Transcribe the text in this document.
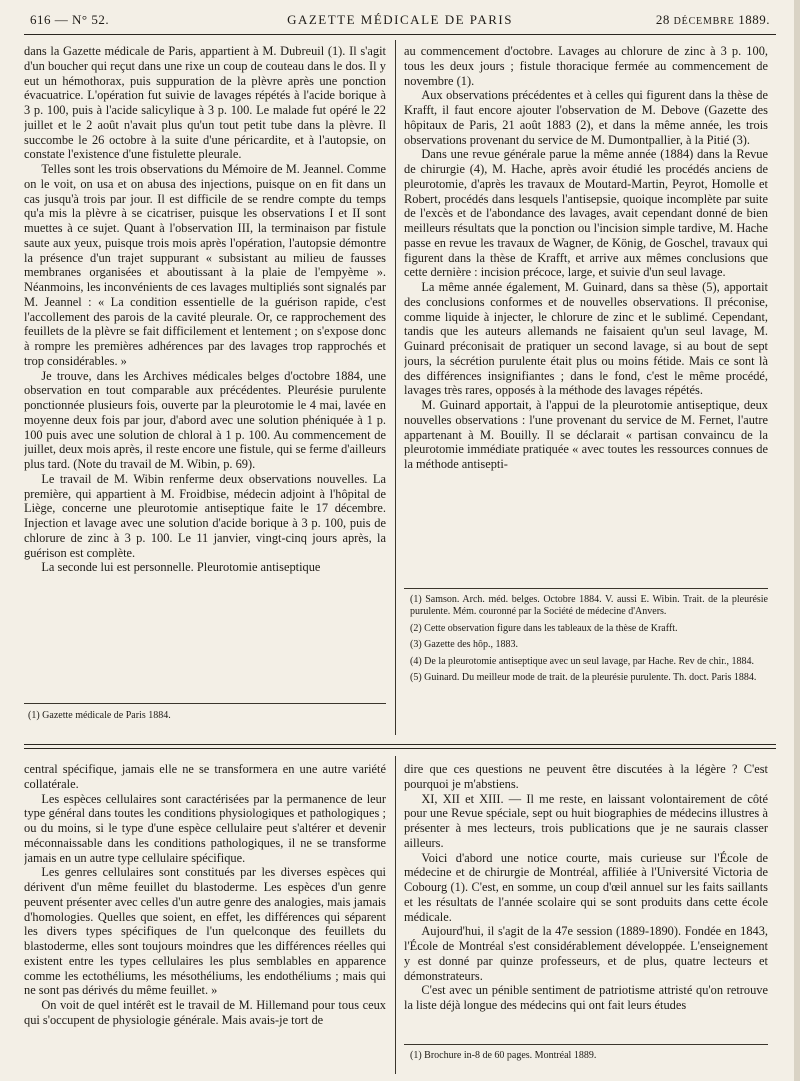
616 — N° 52.	GAZETTE MÉDICALE DE PARIS	28 DÉCEMBRE 1889.

dans la Gazette médicale de Paris, appartient à M. Dubreuil (1). Il s'agit d'un boucher qui reçut dans une rixe un coup de couteau dans le dos. Il y eut un hémothorax, puis suppuration de la plèvre après une ponction évacuatrice. L'opération fut suivie de lavages répétés à l'acide borique à 3 p. 100, puis à l'acide salicylique à 3 p. 100. Le malade fut opéré le 22 juillet et le 2 août n'avait plus qu'un tout petit tube dans la plèvre. Il succombe le 26 octobre à la suite d'une péricardite, et à l'autopsie, on constate l'existence d'une fistulette pleurale.

Telles sont les trois observations du Mémoire de M. Jeannel. Comme on le voit, on usa et on abusa des injections, puisque on en fit dans un cas jusqu'à trois par jour. Il est difficile de se rendre compte du temps qu'a mis la plèvre à se cicatriser, puisque les observations I et II sont muettes à ce sujet. Quant à l'observation III, la terminaison par fistule saute aux yeux, puisque trois mois après l'opération, l'autopsie démontre la présence d'un trajet suppurant « subsistant au milieu de fausses membranes organisées et aboutissant à la plaie de l'empyème ». Néanmoins, les inconvénients de ces lavages multipliés sont signalés par M. Jeannel : « La condition essentielle de la guérison rapide, c'est l'accollement des parois de la cavité pleurale. Or, ce rapprochement des feuillets de la plèvre se fait difficilement et lentement ; on s'expose donc à rompre les premières adhérences par des lavages trop rapprochés et trop considérables. »

Je trouve, dans les Archives médicales belges d'octobre 1884, une observation en tout comparable aux précédentes. Pleurésie purulente ponctionnée plusieurs fois, ouverte par la pleurotomie le 4 mai, lavée en moyenne deux fois par jour, d'abord avec une solution phéniquée à 1 p. 100 puis avec une solution de chloral à 1 p. 100. Au commencement de juillet, deux mois après, il reste encore une fistule, qui se ferme d'ailleurs plus tard. (Note du travail de M. Wibin, p. 69).

Le travail de M. Wibin renferme deux observations nouvelles. La première, qui appartient à M. Froidbise, médecin adjoint à l'hôpital de Liège, concerne une pleurotomie antiseptique faite le 17 décembre. Injection et lavage avec une solution d'acide borique à 3 p. 100, puis de chlorure de zinc à 3 p. 100. Le 11 janvier, vingt-cinq jours après, la guérison est complète.

La seconde lui est personnelle. Pleurotomie antiseptique

(1) Gazette médicale de Paris 1884.

au commencement d'octobre. Lavages au chlorure de zinc à 3 p. 100, tous les deux jours ; fistule thoracique fermée au commencement de novembre (1).

Aux observations précédentes et à celles qui figurent dans la thèse de Krafft, il faut encore ajouter l'observation de M. Debove (Gazette des hôpitaux de Paris, 21 août 1883 (2), et dans la même année, les trois observations provenant du service de M. Dumontpallier, à la Pitié (3).

Dans une revue générale parue la même année (1884) dans la Revue de chirurgie (4), M. Hache, après avoir étudié les procédés anciens de pleurotomie, d'après les travaux de Moutard-Martin, Peyrot, Homolle et Robert, procédés dans lesquels l'antisepsie, quoique incomplète par suite de l'excès et de l'abondance des lavages, avait cependant donné de bien meilleurs résultats que la ponction ou l'incision simple tardive, M. Hache passe en revue les travaux de Wagner, de König, de Goschel, travaux qui figurent dans la thèse de Krafft, et arrive aux mêmes conclusions que cette dernière : incision précoce, large, et suivie d'un seul lavage.

La même année également, M. Guinard, dans sa thèse (5), apportait des conclusions conformes et de nouvelles observations. Il préconise, comme liquide à injecter, le chlorure de zinc et le sublimé. Cependant, tandis que les auteurs allemands ne faisaient qu'un seul lavage, M. Guinard préconisait de pratiquer un second lavage, si au bout de sept jours, la sécrétion purulente était plus ou moins fétide. Mais ce sont là des différences insignifiantes ; dans le fond, c'est le même procédé, lavages très rares, opposés à la méthode des lavages répétés.

M. Guinard apportait, à l'appui de la pleurotomie antiseptique, deux nouvelles observations : l'une provenant du service de M. Fernet, l'autre appartenant à M. Bouilly. Il se déclarait « partisan convaincu de la pleurotomie immédiate pratiquée « avec toutes les ressources connues de la méthode antisepti-

(1) Samson. Arch. méd. belges. Octobre 1884. V. aussi E. Wibin. Trait. de la pleurésie purulente. Mém. couronné par la Société de médecine d'Anvers.

(2) Cette observation figure dans les tableaux de la thèse de Krafft.

(3) Gazette des hôp., 1883.

(4) De la pleurotomie antiseptique avec un seul lavage, par Hache. Rev de chir., 1884.

(5) Guinard. Du meilleur mode de trait. de la pleurésie purulente. Th. doct. Paris 1884.

central spécifique, jamais elle ne se transformera en une autre variété collatérale.

Les espèces cellulaires sont caractérisées par la permanence de leur type général dans toutes les conditions physiologiques et pathologiques ; ou du moins, si le type d'une espèce cellulaire peut s'altérer et devenir méconnaissable dans les conditions pathologiques, il ne se transforme jamais en un autre type cellulaire spécifique.

Les genres cellulaires sont constitués par les diverses espèces qui dérivent d'un même feuillet du blastoderme. Les espèces d'un genre peuvent présenter avec celles d'un autre genre des analogies, mais jamais d'homologies. Quelles que soient, en effet, les différences qui séparent les divers types spécifiques de l'un quelconque des feuillets du blastoderme, elles sont toujours moindres que les différences réelles qui existent entre les types cellulaires les plus semblables en apparence comme les ectothéliums, les mésothéliums, les endothéliums ; mais qui ne sont pas dérivés du même feuillet. »

On voit de quel intérêt est le travail de M. Hillemand pour tous ceux qui s'occupent de physiologie générale. Mais avais-je tort de

dire que ces questions ne peuvent être discutées à la légère ? C'est pourquoi je m'abstiens.

XI, XII et XIII. — Il me reste, en laissant volontairement de côté pour une Revue spéciale, sept ou huit biographies de médecins illustres à présenter à mes lecteurs, trois publications que je ne saurais classer ailleurs.

Voici d'abord une notice courte, mais curieuse sur l'École de médecine et de chirurgie de Montréal, affiliée à l'Université Victoria de Cobourg (1). C'est, en somme, un coup d'œil annuel sur les faits saillants et les résultats de l'année scolaire qui se sont produits dans cette école médicale.

Aujourd'hui, il s'agit de la 47e session (1889-1890). Fondée en 1843, l'École de Montréal s'est considérablement développée. L'enseignement y est donné par quinze professeurs, et de plus, quatre lecteurs et démonstrateurs.

C'est avec un pénible sentiment de patriotisme attristé qu'on retrouve la liste déjà longue des médecins qui ont fait leurs études

(1) Brochure in-8 de 60 pages. Montréal 1889.
